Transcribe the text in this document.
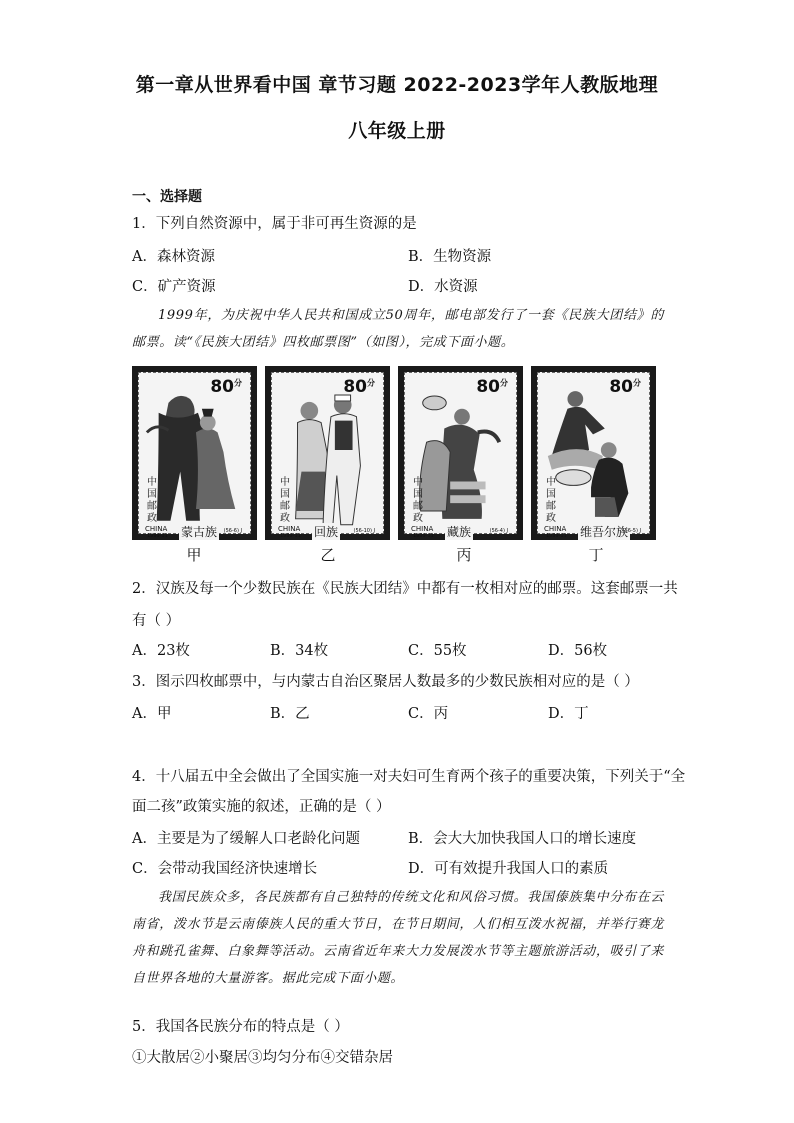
第一章从世界看中国 章节习题 2022-2023学年人教版地理
八年级上册
一、选择题
1．下列自然资源中，属于非可再生资源的是
A．森林资源	B．生物资源
C．矿产资源	D．水资源
1999年，为庆祝中华人民共和国成立50周年，邮电部发行了一套《民族大团结》的邮票。读“《民族大团结》四枚邮票图”（如图），完成下面小题。
$80^分$
中国邮政
CHINA
1999-11 蒙古族	(56-6) J
$80^分$
中国邮政
CHINA
1999-11 回族	(56-10) J
$80^分$
中国邮政
CHINA
1999-11 藏族	(56-4) J
$80^分$
中国邮政
CHINA
1999-11 维吾尔族
(56-5) J
甲	乙	丙	丁
2．汉族及每一个少数民族在《民族大团结》中都有一枚相对应的邮票。这套邮票一共
有（ ）
A．23枚	B．34枚	C．55枚	D．56枚
3．图示四枚邮票中，与内蒙古自治区聚居人数最多的少数民族相对应的是（ ）
A．甲	B．乙	C．丙	D．丁
4．十八届五中全会做出了全国实施一对夫妇可生育两个孩子的重要决策，下列关于“全
面二孩”政策实施的叙述，正确的是（ ）
A．主要是为了缓解人口老龄化问题	B．会大大加快我国人口的增长速度
C．会带动我国经济快速增长	D．可有效提升我国人口的素质
我国民族众多，各民族都有自己独特的传统文化和风俗习惯。我国傣族集中分布在云南省，泼水节是云南傣族人民的重大节日，在节日期间，人们相互泼水祝福，并举行赛龙舟和跳孔雀舞、白象舞等活动。云南省近年来大力发展泼水节等主题旅游活动，吸引了来自世界各地的大量游客。据此完成下面小题。
5．我国各民族分布的特点是（ ）
①大散居②小聚居③均匀分布④交错杂居
